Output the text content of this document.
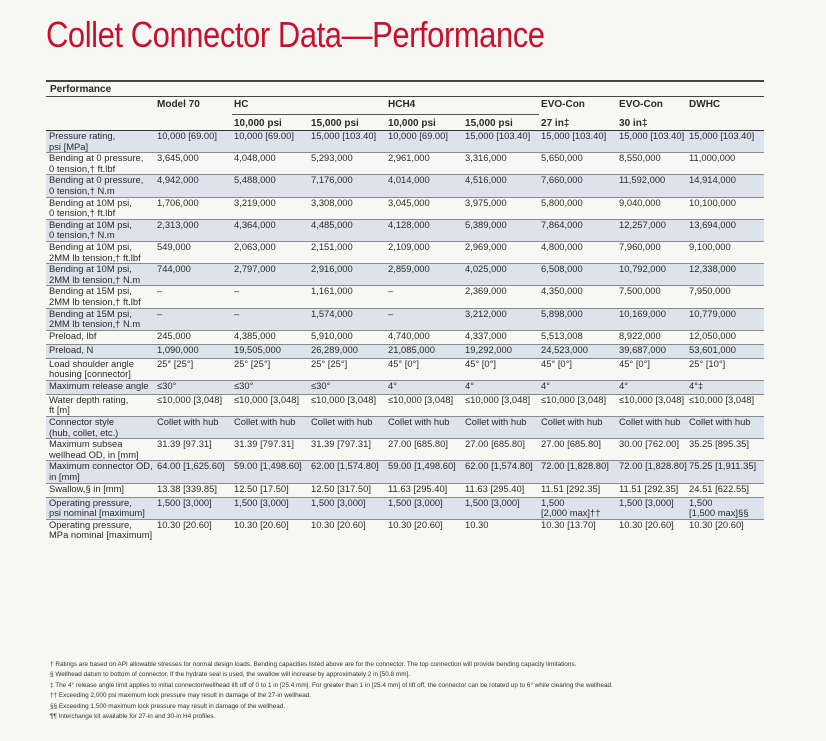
Collet Connector Data—Performance
Performance
	Model 70	HC		HCH4		EVO-Con	EVO-Con	DWHC
		10,000 psi	15,000 psi	10,000 psi	15,000 psi	27 in‡	30 in‡	
Pressure rating,
psi [MPa]	10,000 [69.00]	10,000 [69.00]	15,000 [103.40]	10,000 [69.00]	15,000 [103.40]	15,000 [103.40]	15,000 [103.40]	15,000 [103.40]
Bending at 0 pressure,
0 tension,† ft.lbf	3,645,000	4,048,000	5,293,000	2,961,000	3,316,000	5,650,000	8,550,000	11,000,000
Bending at 0 pressure,
0 tension,† N.m	4,942,000	5,488,000	7,176,000	4,014,000	4,516,000	7,660,000	11,592,000	14,914,000
Bending at 10M psi,
0 tension,† ft.lbf	1,706,000	3,219,000	3,308,000	3,045,000	3,975,000	5,800,000	9,040,000	10,100,000
Bending at 10M psi,
0 tension,† N.m	2,313,000	4,364,000	4,485,000	4,128,000	5,389,000	7,864,000	12,257,000	13,694,000
Bending at 10M psi,
2MM lb tension,† ft.lbf	549,000	2,063,000	2,151,000	2,109,000	2,969,000	4,800,000	7,960,000	9,100,000
Bending at 10M psi,
2MM lb tension,† N.m	744,000	2,797,000	2,916,000	2,859,000	4,025,000	6,508,000	10,792,000	12,338,000
Bending at 15M psi,
2MM lb tension,† ft.lbf	–	–	1,161,000	–	2,369,000	4,350,000	7,500,000	7,950,000
Bending at 15M psi,
2MM lb tension,† N.m	–	–	1,574,000	–	3,212,000	5,898,000	10,169,000	10,779,000
Preload, lbf	245,000	4,385,000	5,910,000	4,740,000	4,337,000	5,513,008	8,922,000	12,050,000
Preload, N	1,090,000	19,505,000	26,289,000	21,085,000	19,292,000	24,523,000	39,687,000	53,601,000
Load shoulder angle
housing [connector]	25° [25°]	25° [25°]	25° [25°]	45° [0°]	45° [0°]	45° [0°]	45° [0°]	25° [10°]
Maximum release angle	≤30°	≤30°	≤30°	4°	4°	4°	4°	4°‡
Water depth rating,
ft [m]	≤10,000 [3,048]	≤10,000 [3,048]	≤10,000 [3,048]	≤10,000 [3,048]	≤10,000 [3,048]	≤10,000 [3,048]	≤10,000 [3,048]	≤10,000 [3,048]
Connector style
(hub, collet, etc.)	Collet with hub	Collet with hub	Collet with hub	Collet with hub	Collet with hub	Collet with hub	Collet with hub	Collet with hub
Maximum subsea
wellhead OD, in [mm]	31.39 [97.31]	31.39 [797.31]	31.39 [797.31]	27.00 [685.80]	27.00 [685.80]	27.00 [685.80]	30.00 [762.00]	35.25 [895.35]
Maximum connector OD,
in [mm]	64.00 [1,625.60]	59.00 [1,498.60]	62.00 [1,574.80]	59.00 [1,498.60]	62.00 [1,574.80]	72.00 [1,828.80]	72.00 [1,828.80]	75.25 [1,911.35]
Swallow,§ in [mm]	13.38 [339.85]	12.50 [17.50]	12.50 [317.50]	11.63 [295.40]	11.63 [295.40]	11.51 [292.35]	11.51 [292.35]	24.51 [622.55]
Operating pressure,
psi nominal [maximum]	1,500 [3,000]	1,500 [3,000]	1,500 [3,000]	1,500 [3,000]	1,500 [3,000]	1,500
[2,000 max]††	1,500 [3,000]	1,500
[1,500 max]§§
Operating pressure,
MPa nominal [maximum]	10.30 [20.60]	10.30 [20.60]	10.30 [20.60]	10.30 [20.60]	10.30	10.30 [13.70]	10.30 [20.60]	10.30 [20.60]
† Ratings are based on API allowable stresses for normal design loads. Bending capacities listed above are for the connector. The top connection will provide bending capacity limitations.
§ Wellhead datum to bottom of connector. If the hydrate seal is used, the swallow will increase by approximately 2 in [50.8 mm].
‡ The 4° release angle limit applies to initial connector/wellhead lift off of 0 to 1 in [25.4 mm]. For greater than 1 in [25.4 mm] of lift off, the connector can be rotated up to 6° while clearing the wellhead.
†† Exceeding 2,000 psi maximum lock pressure may result in damage of the 27-in wellhead.
§§ Exceeding 1,500 maximum lock pressure may result in damage of the wellhead.
¶¶ Interchange kit available for 27-in and 30-in H4 profiles.
